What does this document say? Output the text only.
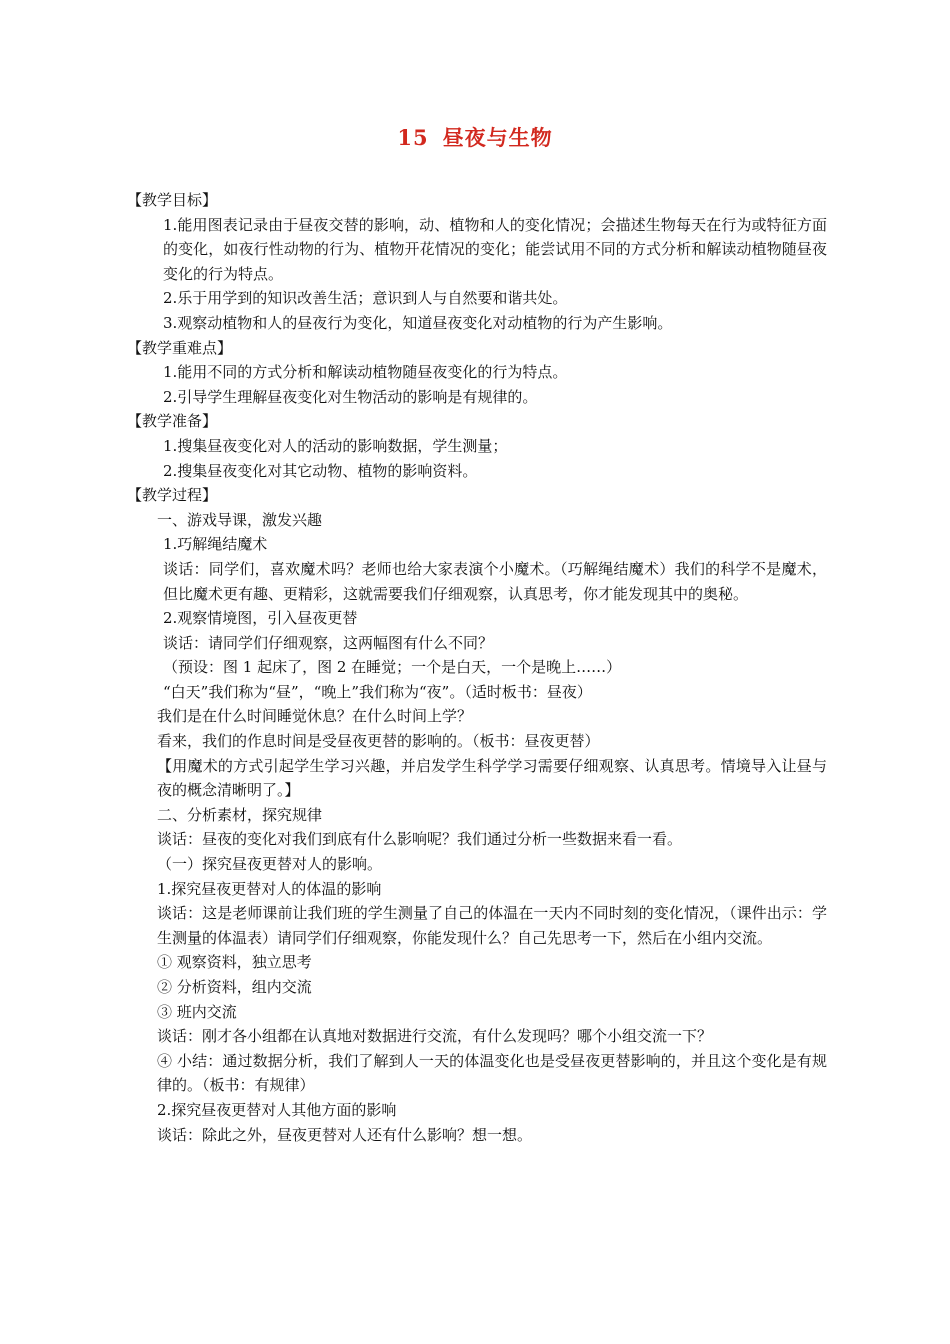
15 昼夜与生物

【教学目标】

1.能用图表记录由于昼夜交替的影响，动、植物和人的变化情况；会描述生物每天在行为或特征方面的变化，如夜行性动物的行为、植物开花情况的变化；能尝试用不同的方式分析和解读动植物随昼夜变化的行为特点。

2.乐于用学到的知识改善生活；意识到人与自然要和谐共处。

3.观察动植物和人的昼夜行为变化，知道昼夜变化对动植物的行为产生影响。

【教学重难点】

1.能用不同的方式分析和解读动植物随昼夜变化的行为特点。

2.引导学生理解昼夜变化对生物活动的影响是有规律的。

【教学准备】

1.搜集昼夜变化对人的活动的影响数据，学生测量；

2.搜集昼夜变化对其它动物、植物的影响资料。

【教学过程】

一、游戏导课，激发兴趣

1.巧解绳结魔术

谈话：同学们，喜欢魔术吗？老师也给大家表演个小魔术。（巧解绳结魔术）我们的科学不是魔术，但比魔术更有趣、更精彩，这就需要我们仔细观察，认真思考，你才能发现其中的奥秘。

2.观察情境图，引入昼夜更替

谈话：请同学们仔细观察，这两幅图有什么不同？

（预设：图 1 起床了，图 2 在睡觉；一个是白天，一个是晚上……）

“白天”我们称为“昼”，“晚上”我们称为“夜”。（适时板书：昼夜）

我们是在什么时间睡觉休息？在什么时间上学？

看来，我们的作息时间是受昼夜更替的影响的。（板书：昼夜更替）

【用魔术的方式引起学生学习兴趣，并启发学生科学学习需要仔细观察、认真思考。情境导入让昼与夜的概念清晰明了。】

二、分析素材，探究规律

谈话：昼夜的变化对我们到底有什么影响呢？我们通过分析一些数据来看一看。

（一）探究昼夜更替对人的影响。

1.探究昼夜更替对人的体温的影响

谈话：这是老师课前让我们班的学生测量了自己的体温在一天内不同时刻的变化情况，（课件出示：学生测量的体温表）请同学们仔细观察，你能发现什么？自己先思考一下，然后在小组内交流。

① 观察资料，独立思考

② 分析资料，组内交流

③ 班内交流

谈话：刚才各小组都在认真地对数据进行交流，有什么发现吗？哪个小组交流一下？

④ 小结：通过数据分析，我们了解到人一天的体温变化也是受昼夜更替影响的，并且这个变化是有规律的。（板书：有规律）

2.探究昼夜更替对人其他方面的影响

谈话：除此之外，昼夜更替对人还有什么影响？想一想。
